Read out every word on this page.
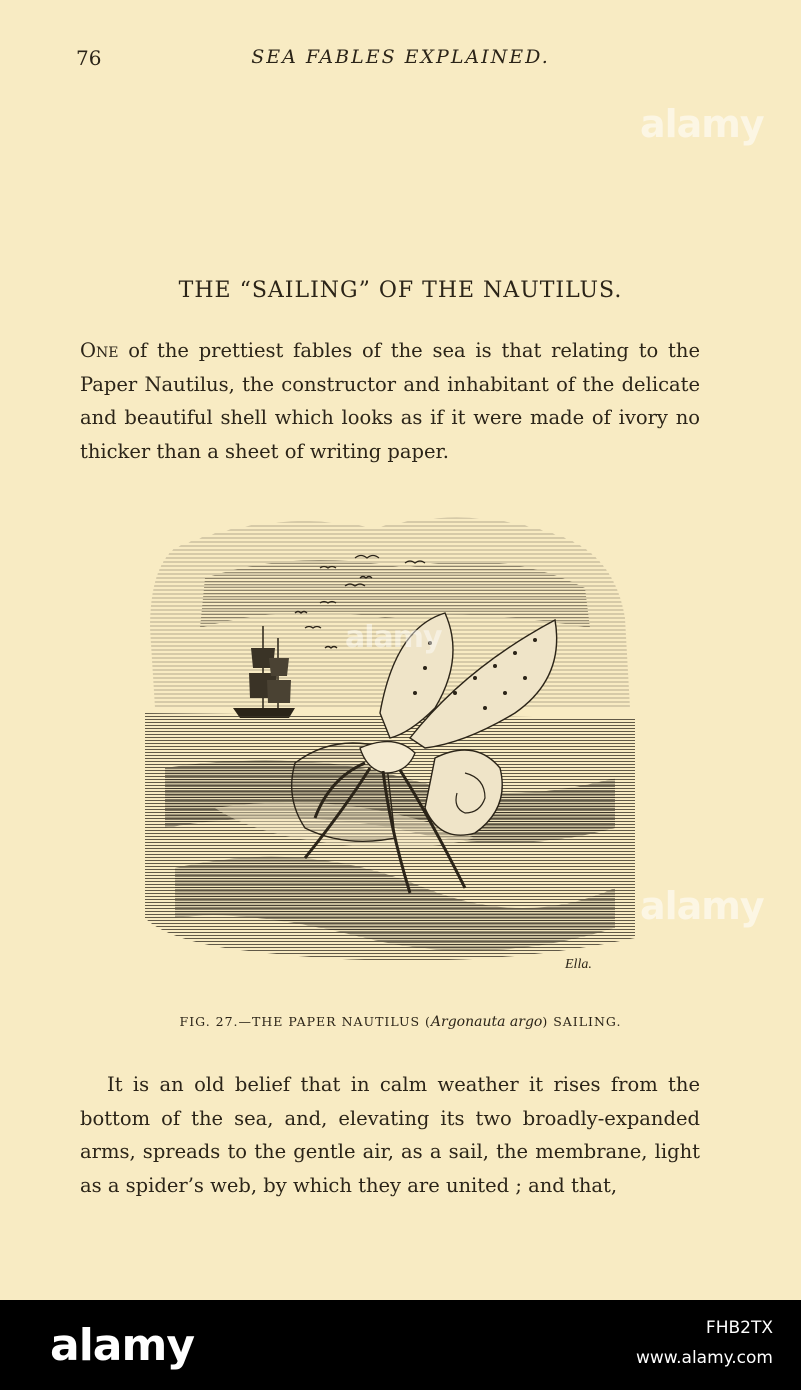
76	SEA FABLES EXPLAINED.
THE “SAILING” OF THE NAUTILUS.

One of the prettiest fables of the sea is that relating to the Paper Nautilus, the constructor and inhabitant of the delicate and beautiful shell which looks as if it were made of ivory no thicker than a sheet of writing paper.

Ella.
FIG. 27.—THE PAPER NAUTILUS (Argonauta argo) SAILING.

It is an old belief that in calm weather it rises from the bottom of the sea, and, elevating its two broadly-expanded arms, spreads to the gentle air, as a sail, the membrane, light as a spider’s web, by which they are united ; and that,

alamy
alamy
alamy
alamy	FHB2TX
www.alamy.com
